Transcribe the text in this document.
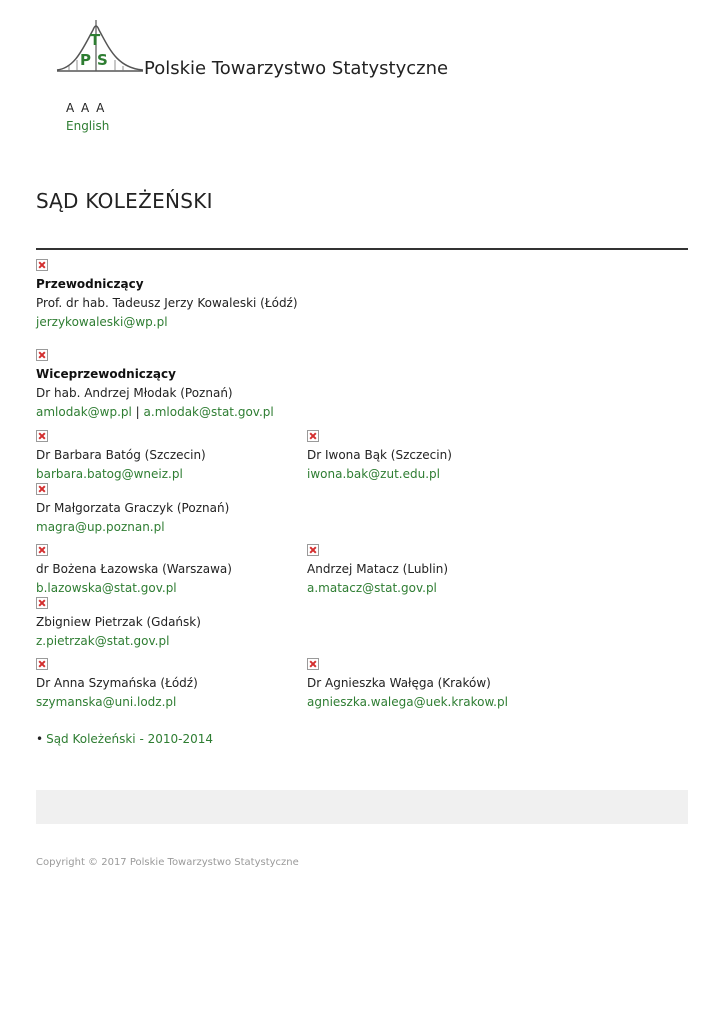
T
P S Polskie Towarzystwo Statystyczne
A A A
English
SĄD KOLEŻEŃSKI
Przewodniczący
Prof. dr hab. Tadeusz Jerzy Kowaleski (Łódź)
jerzykowaleski@wp.pl
Wiceprzewodniczący
Dr hab. Andrzej Młodak (Poznań)
amlodak@wp.pl | a.mlodak@stat.gov.pl
Dr Barbara Batóg (Szczecin)
barbara.batog@wneiz.pl
Dr Iwona Bąk (Szczecin)
iwona.bak@zut.edu.pl
Dr Małgorzata Graczyk (Poznań)
magra@up.poznan.pl
dr Bożena Łazowska (Warszawa)
b.lazowska@stat.gov.pl
Andrzej Matacz (Lublin)
a.matacz@stat.gov.pl
Zbigniew Pietrzak (Gdańsk)
z.pietrzak@stat.gov.pl
Dr Anna Szymańska (Łódź)
szymanska@uni.lodz.pl
Dr Agnieszka Wałęga (Kraków)
agnieszka.walega@uek.krakow.pl
• Sąd Koleżeński - 2010-2014
Copyright © 2017 Polskie Towarzystwo Statystyczne
